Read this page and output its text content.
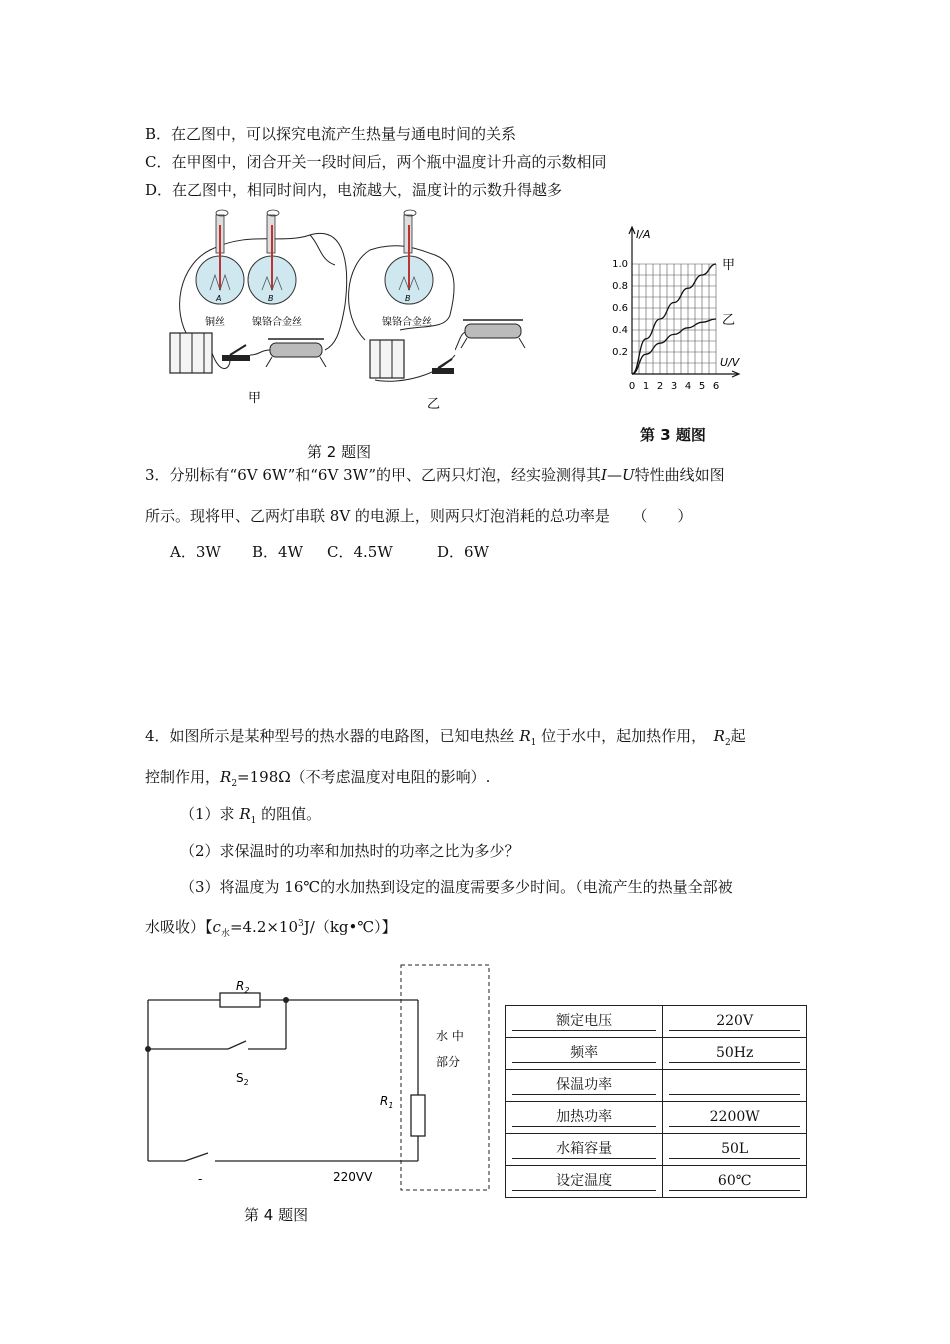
B．在乙图中，可以探究电流产生热量与通电时间的关系
C．在甲图中，闭合开关一段时间后，两个瓶中温度计升高的示数相同
D．在乙图中，相同时间内，电流越大，温度计的示数升得越多
A	B
铜丝	镍铬合金丝
甲
B
镍铬合金丝
乙
第 2 题图
0.2
0.4
0.6
0.8
1.0
0 1 2 3 4 5 6
I/A
U/V
甲
乙
第 3 题图
3．分别标有“6V 6W”和“6V 3W”的甲、乙两只灯泡，经实验测得其I—U特性曲线如图
所示。现将甲、乙两灯串联 8V 的电源上，则两只灯泡消耗的总功率是　　（　　）
A．3W B．4W C．4.5W	D．6W
4．如图所示是某种型号的热水器的电路图，已知电热丝 $R_1$ 位于水中，起加热作用，　$R_2$起
控制作用，$R_2=198\Omega$（不考虑温度对电阻的影响）.
（1）求 $R_1$ 的阻值。
（2）求保温时的功率和加热时的功率之比为多少？
（3）将温度为 16℃的水加热到设定的温度需要多少时间。（电流产生的热量全部被
水吸收）【$c_水=4.2\times 10^3J/(kg•℃)$】
$R_2$
$S_2$
$R_1$
220VV
-
水 中
部分
第 4 题图
额定电压	220V

频率	50Hz

保温功率	

加热功率	2200W

水箱容量	50L

设定温度	60℃
